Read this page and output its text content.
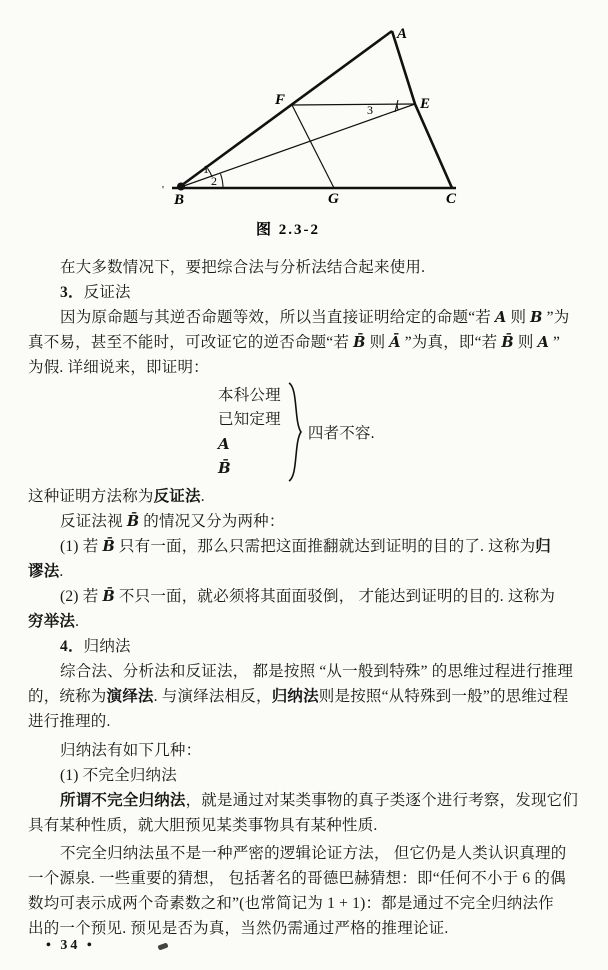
A
B	C
E
F
G
1
2
3
'
图 2.3-2
在大多数情况下，要把综合法与分析法结合起来使用.
3．反证法
因为原命题与其逆否命题等效，所以当直接证明给定的命题“若 A 则 B ”为
真不易，甚至不能时，可改证它的逆否命题“若 B̄ 则 Ā ”为真，即“若 B̄ 则 A ”
为假. 详细说来，即证明：
本科公理
已知定理
A
B̄
四者不容.
这种证明方法称为反证法.
反证法视 B̄ 的情况又分为两种：
(1) 若 B̄ 只有一面，那么只需把这面推翻就达到证明的目的了. 这称为归
谬法.
(2) 若 B̄ 不只一面，就必须将其面面驳倒， 才能达到证明的目的. 这称为
穷举法.
4．归纳法
综合法、分析法和反证法， 都是按照 “从一般到特殊” 的思维过程进行推理
的，统称为演绎法. 与演绎法相反，归纳法则是按照“从特殊到一般”的思维过程
进行推理的.
归纳法有如下几种：
(1) 不完全归纳法
所谓不完全归纳法，就是通过对某类事物的真子类逐个进行考察，发现它们
具有某种性质，就大胆预见某类事物具有某种性质.
不完全归纳法虽不是一种严密的逻辑论证方法， 但它仍是人类认识真理的
一个源泉. 一些重要的猜想， 包括著名的哥德巴赫猜想：即“任何不小于 6 的偶
数均可表示成两个奇素数之和”(也常简记为 1 + 1)：都是通过不完全归纳法作
出的一个预见. 预见是否为真，当然仍需通过严格的推理论证.
• 34 •
